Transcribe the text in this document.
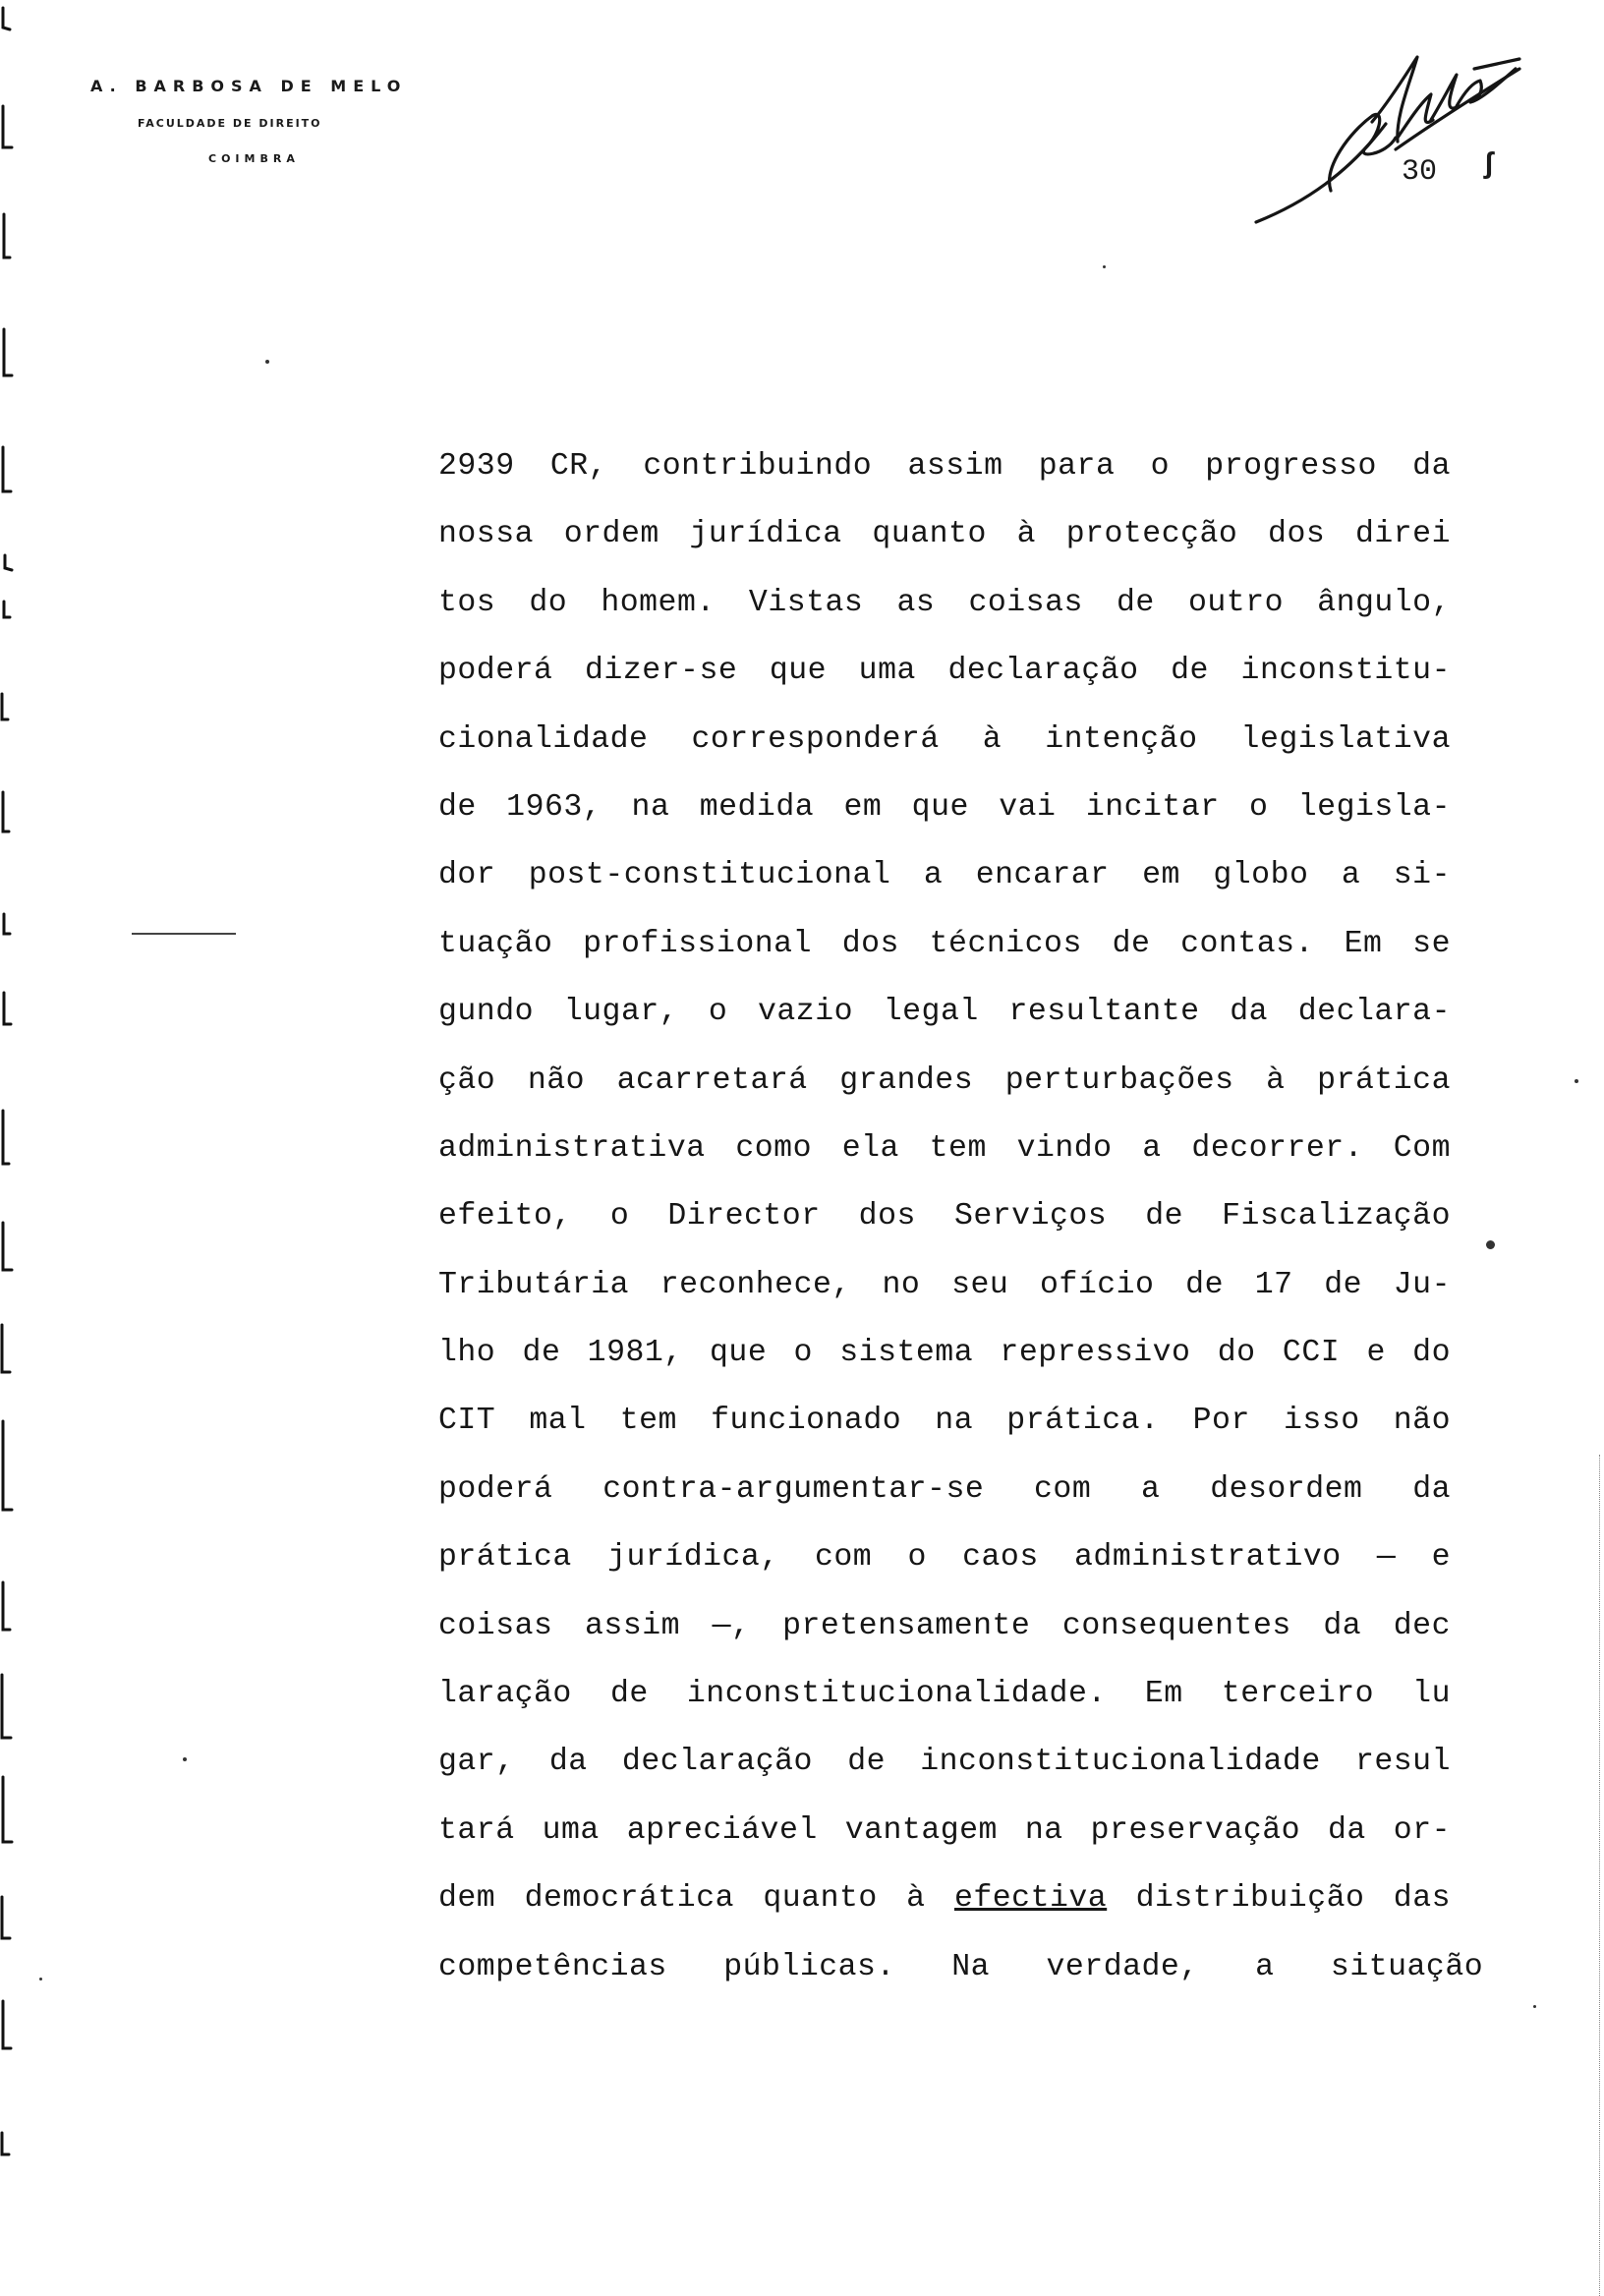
A. BARBOSA DE MELO
FACULDADE DE DIREITO
COIMBRA	30 ʃ
2939 CR, contribuindo assim para o progresso da
nossa ordem jurídica quanto à protecção dos direi
tos do homem. Vistas as coisas de outro ângulo,
poderá dizer-se que uma declaração de inconstitu-
cionalidade corresponderá à intenção legislativa
de 1963, na medida em que vai incitar o legisla-
dor post-constitucional a encarar em globo a si-
tuação profissional dos técnicos de contas. Em se
gundo lugar, o vazio legal resultante da declara-
ção não acarretará grandes perturbações à prática
administrativa como ela tem vindo a decorrer. Com
efeito, o Director dos Serviços de Fiscalização
Tributária reconhece, no seu ofício de 17 de Ju-
lho de 1981, que o sistema repressivo do CCI e do
CIT mal tem funcionado na prática. Por isso não
poderá contra-argumentar-se com a desordem da
prática jurídica, com o caos administrativo — e
coisas assim —, pretensamente consequentes da dec
laração de inconstitucionalidade. Em terceiro lu
gar, da declaração de inconstitucionalidade resul
tará uma apreciável vantagem na preservação da or-
dem democrática quanto à efectiva distribuição das
competências públicas. Na verdade, a situação
